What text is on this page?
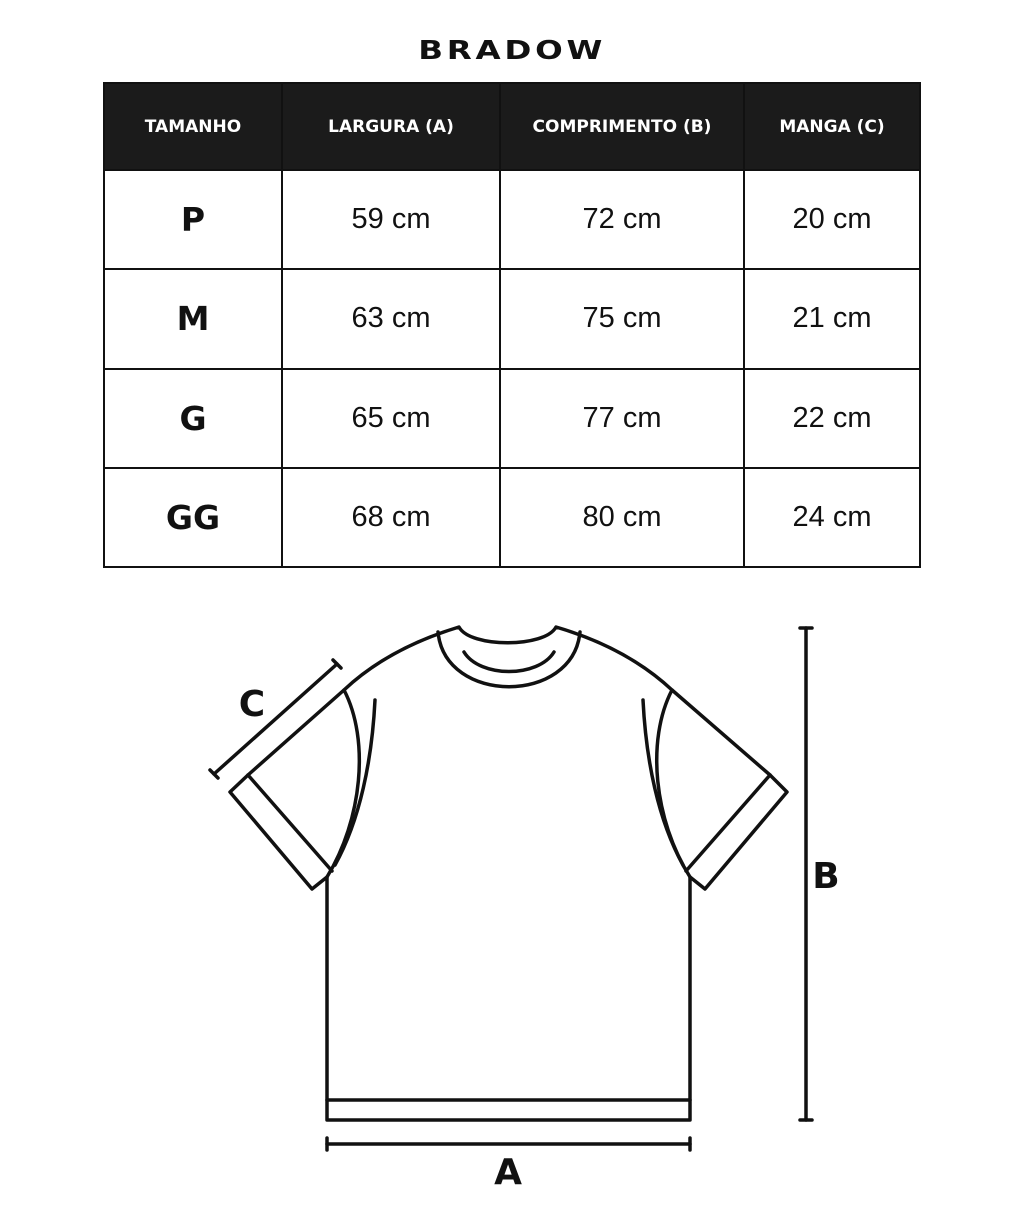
BRADOW
TAMANHO	LARGURA (A)	COMPRIMENTO (B)	MANGA (C)
P	59 cm	72 cm	20 cm
M	63 cm	75 cm	21 cm
G	65 cm	77 cm	22 cm
GG	68 cm	80 cm	24 cm
C
B
A
